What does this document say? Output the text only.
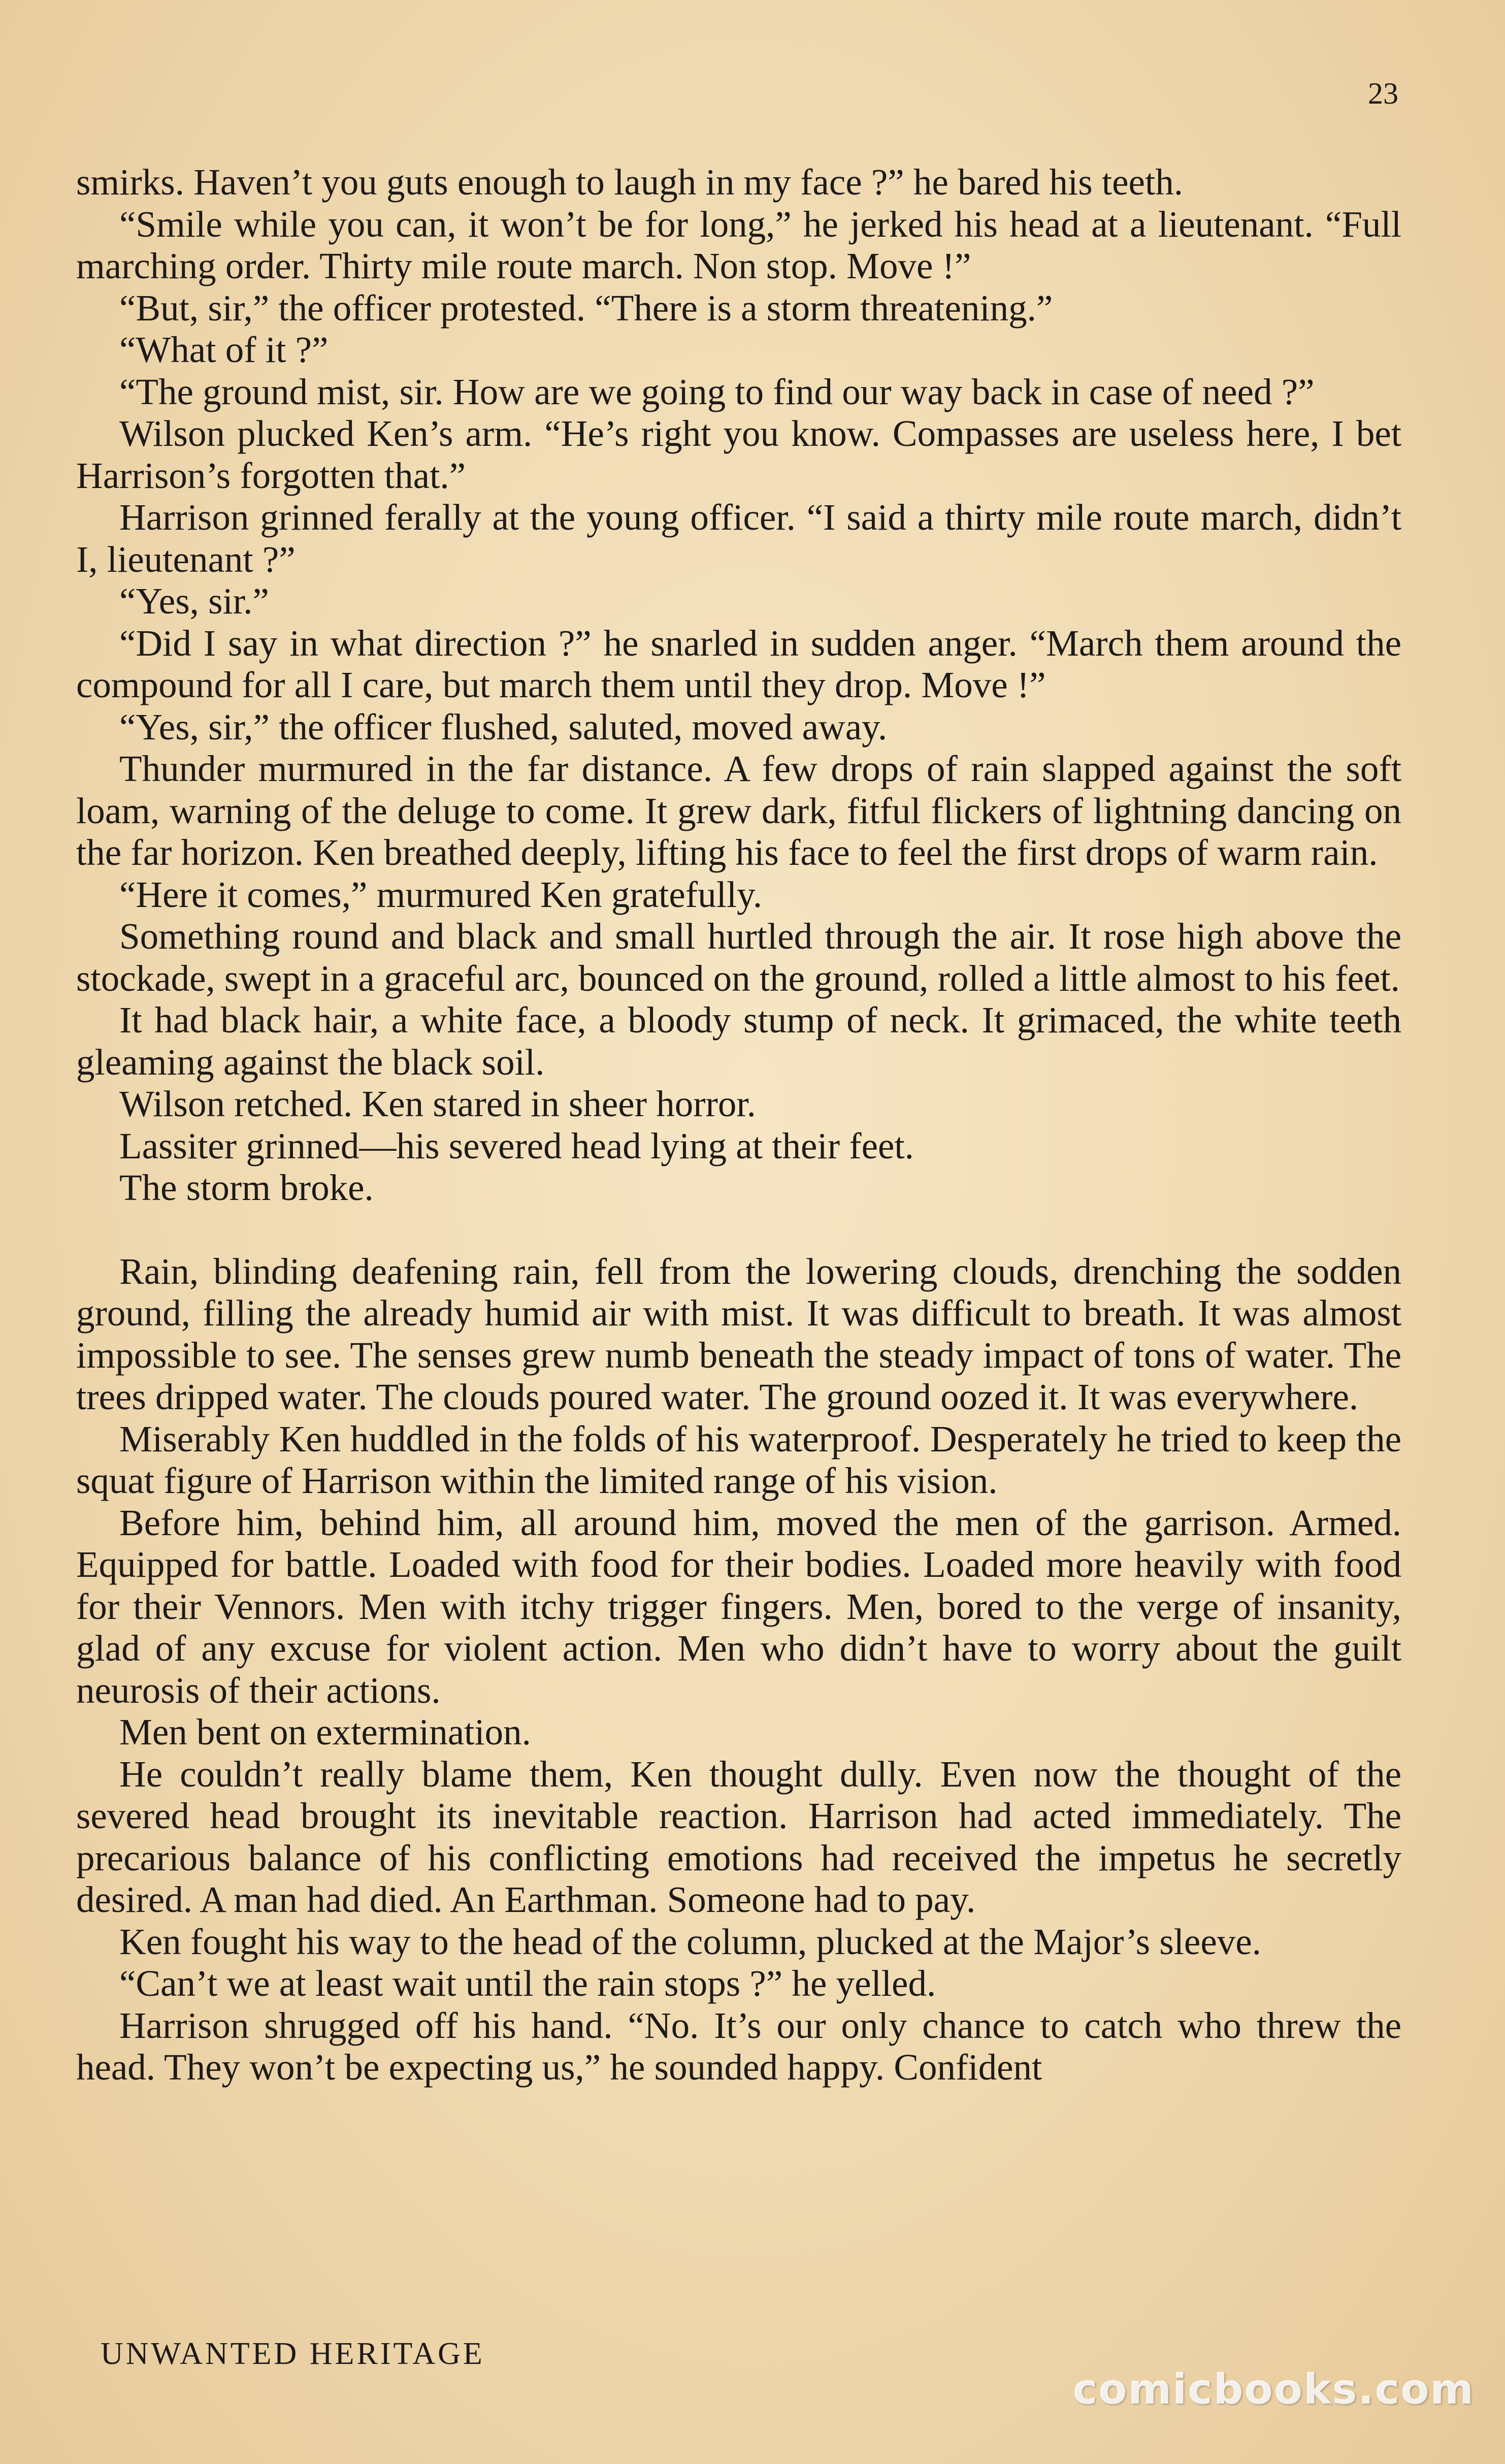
23

smirks. Haven’t you guts enough to laugh in my face ?” he bared his teeth.

“Smile while you can, it won’t be for long,” he jerked his head at a lieutenant. “Full marching order. Thirty mile route march. Non stop. Move !”

“But, sir,” the officer protested. “There is a storm threatening.”

“What of it ?”

“The ground mist, sir. How are we going to find our way back in case of need ?”

Wilson plucked Ken’s arm. “He’s right you know. Compasses are useless here, I bet Harrison’s forgotten that.”

Harrison grinned ferally at the young officer. “I said a thirty mile route march, didn’t I, lieutenant ?”

“Yes, sir.”

“Did I say in what direction ?” he snarled in sudden anger. “March them around the compound for all I care, but march them until they drop. Move !”

“Yes, sir,” the officer flushed, saluted, moved away.

Thunder murmured in the far distance. A few drops of rain slapped against the soft loam, warning of the deluge to come. It grew dark, fitful flickers of lightning dancing on the far horizon. Ken breathed deeply, lifting his face to feel the first drops of warm rain.

“Here it comes,” murmured Ken gratefully.

Something round and black and small hurtled through the air. It rose high above the stockade, swept in a graceful arc, bounced on the ground, rolled a little almost to his feet.

It had black hair, a white face, a bloody stump of neck. It grimaced, the white teeth gleaming against the black soil.

Wilson retched. Ken stared in sheer horror.

Lassiter grinned—his severed head lying at their feet.

The storm broke.

Rain, blinding deafening rain, fell from the lowering clouds, drenching the sodden ground, filling the already humid air with mist. It was difficult to breath. It was almost impossible to see. The senses grew numb beneath the steady impact of tons of water. The trees dripped water. The clouds poured water. The ground oozed it. It was everywhere.

Miserably Ken huddled in the folds of his waterproof. Desperately he tried to keep the squat figure of Harrison within the limited range of his vision.

Before him, behind him, all around him, moved the men of the garrison. Armed. Equipped for battle. Loaded with food for their bodies. Loaded more heavily with food for their Vennors. Men with itchy trigger fingers. Men, bored to the verge of insanity, glad of any excuse for violent action. Men who didn’t have to worry about the guilt neurosis of their actions.

Men bent on extermination.

He couldn’t really blame them, Ken thought dully. Even now the thought of the severed head brought its inevitable reaction. Harrison had acted immediately. The precarious balance of his conflicting emotions had received the impetus he secretly desired. A man had died. An Earthman. Someone had to pay.

Ken fought his way to the head of the column, plucked at the Major’s sleeve.

“Can’t we at least wait until the rain stops ?” he yelled.

Harrison shrugged off his hand. “No. It’s our only chance to catch who threw the head. They won’t be expecting us,” he sounded happy. Confident

UNWANTED HERITAGE
comicbooks.com
